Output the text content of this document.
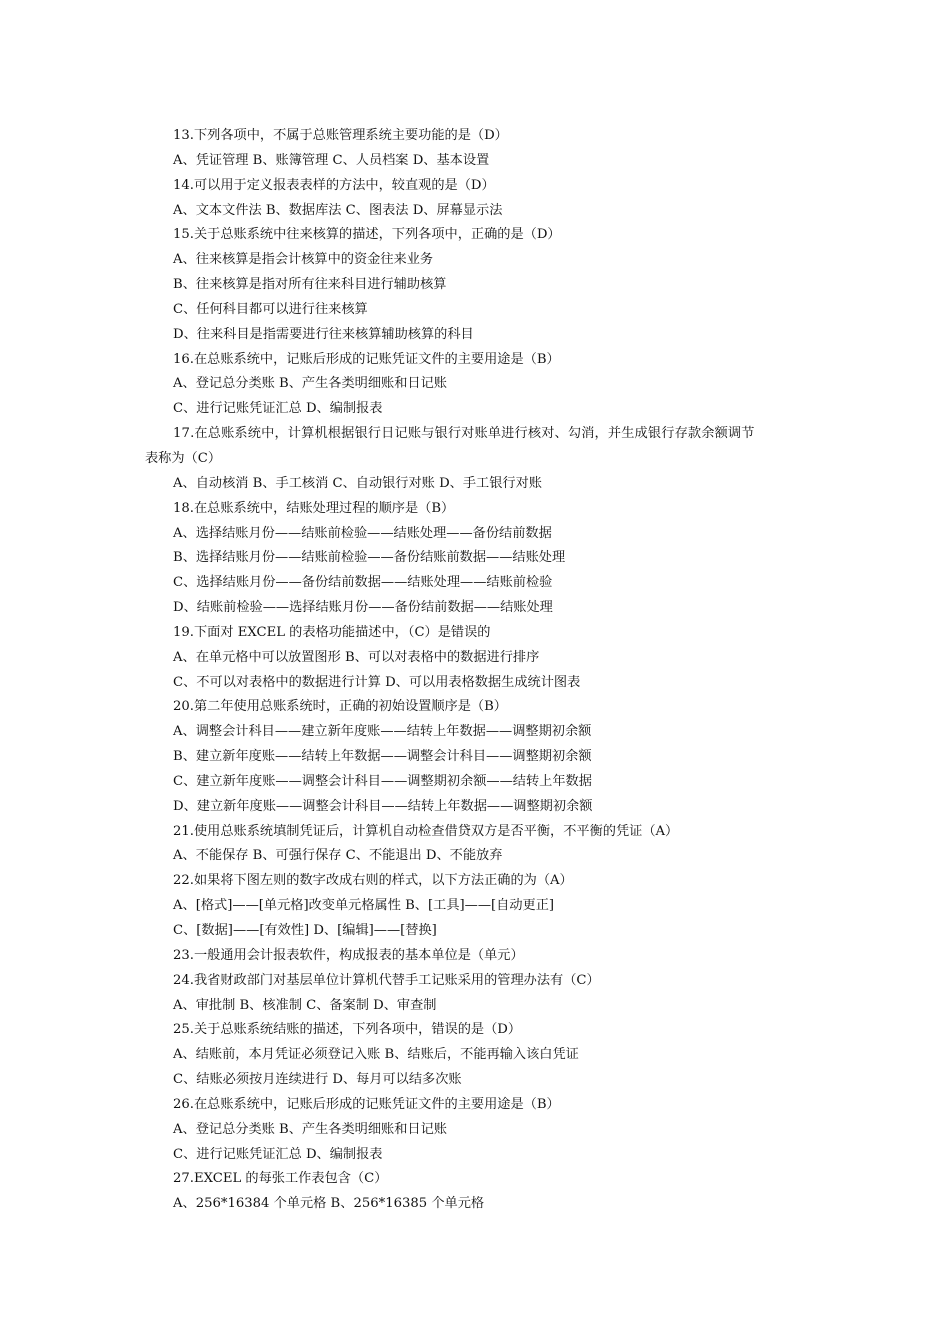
13.下列各项中，不属于总账管理系统主要功能的是（D）
A、凭证管理 B、账簿管理 C、人员档案 D、基本设置
14.可以用于定义报表表样的方法中，较直观的是（D）
A、文本文件法 B、数据库法 C、图表法 D、屏幕显示法
15.关于总账系统中往来核算的描述，下列各项中，正确的是（D）
A、往来核算是指会计核算中的资金往来业务
B、往来核算是指对所有往来科目进行辅助核算
C、任何科目都可以进行往来核算
D、往来科目是指需要进行往来核算辅助核算的科目
16.在总账系统中，记账后形成的记账凭证文件的主要用途是（B）
A、登记总分类账 B、产生各类明细账和日记账
C、进行记账凭证汇总 D、编制报表
17.在总账系统中，计算机根据银行日记账与银行对账单进行核对、勾消，并生成银行存款余额调节
表称为（C）
A、自动核消 B、手工核消 C、自动银行对账 D、手工银行对账
18.在总账系统中，结账处理过程的顺序是（B）
A、选择结账月份——结账前检验——结账处理——备份结前数据
B、选择结账月份——结账前检验——备份结账前数据——结账处理
C、选择结账月份——备份结前数据——结账处理——结账前检验
D、结账前检验——选择结账月份——备份结前数据——结账处理
19.下面对 EXCEL 的表格功能描述中，（C）是错误的
A、在单元格中可以放置图形 B、可以对表格中的数据进行排序
C、不可以对表格中的数据进行计算 D、可以用表格数据生成统计图表
20.第二年使用总账系统时，正确的初始设置顺序是（B）
A、调整会计科目——建立新年度账——结转上年数据——调整期初余额
B、建立新年度账——结转上年数据——调整会计科目——调整期初余额
C、建立新年度账——调整会计科目——调整期初余额——结转上年数据
D、建立新年度账——调整会计科目——结转上年数据——调整期初余额
21.使用总账系统填制凭证后，计算机自动检查借贷双方是否平衡，不平衡的凭证（A）
A、不能保存 B、可强行保存 C、不能退出 D、不能放弃
22.如果将下图左则的数字改成右则的样式，以下方法正确的为（A）
A、[格式]——[单元格]改变单元格属性 B、[工具]——[自动更正]
C、[数据]——[有效性] D、[编辑]——[替换]
23.一般通用会计报表软件，构成报表的基本单位是（单元）
24.我省财政部门对基层单位计算机代替手工记账采用的管理办法有（C）
A、审批制 B、核准制 C、备案制 D、审查制
25.关于总账系统结账的描述，下列各项中，错误的是（D）
A、结账前，本月凭证必须登记入账 B、结账后，不能再输入该白凭证
C、结账必须按月连续进行 D、每月可以结多次账
26.在总账系统中，记账后形成的记账凭证文件的主要用途是（B）
A、登记总分类账 B、产生各类明细账和日记账
C、进行记账凭证汇总 D、编制报表
27.EXCEL 的每张工作表包含（C）
A、256*16384 个单元格 B、256*16385 个单元格
